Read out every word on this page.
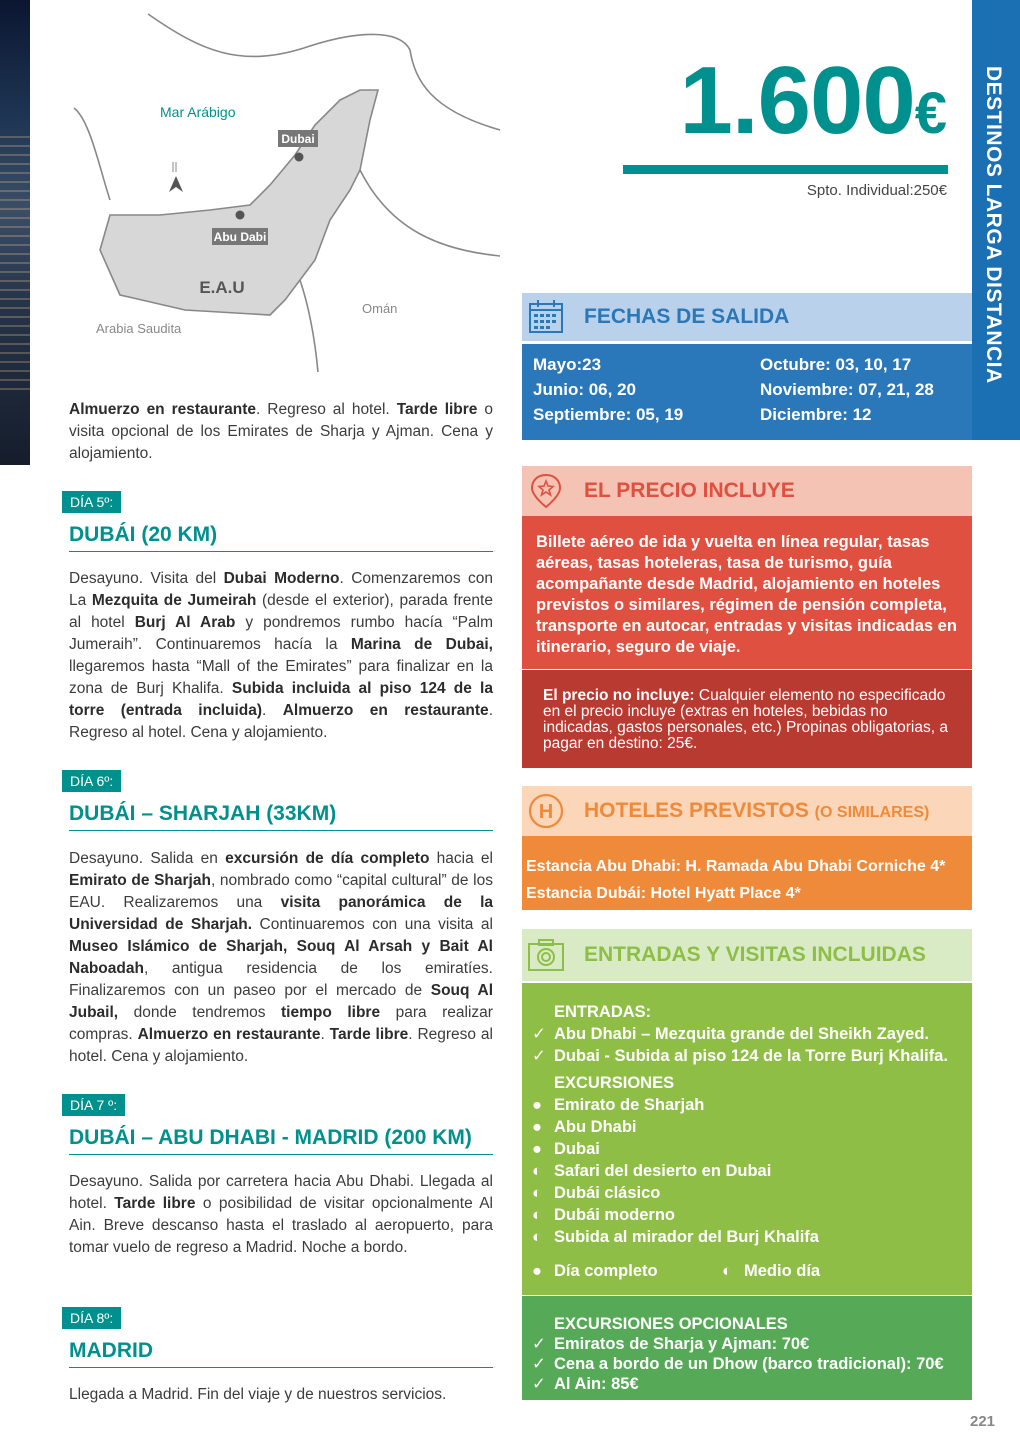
Mar Arábigo
Dubai
Abu Dabi
E.A.U
Omán
Arabia Saudita

Almuerzo en restaurante. Regreso al hotel. Tarde libre o visita opcional de los Emirates de Sharja y Ajman. Cena y alojamiento.

DÍA 5º:
DUBÁI (20 KM)

Desayuno. Visita del Dubai Moderno. Comenzaremos con La Mezquita de Jumeirah (desde el exterior), parada frente al hotel Burj Al Arab y pondremos rumbo hacía “Palm Jumeraih”. Continuaremos hacía la Marina de Dubai, llegaremos hasta “Mall of the Emirates” para finalizar en la zona de Burj Khalifa. Subida incluida al piso 124 de la torre (entrada incluida). Almuerzo en restaurante. Regreso al hotel. Cena y alojamiento.

DÍA 6º:
DUBÁI – SHARJAH (33KM)

Desayuno. Salida en excursión de día completo hacia el Emirato de Sharjah, nombrado como “capital cultural” de los EAU. Realizaremos una visita panorámica de la Universidad de Sharjah. Continuaremos con una visita al Museo Islámico de Sharjah, Souq Al Arsah y Bait Al Naboadah, antigua residencia de los emiratíes. Finalizaremos con un paseo por el mercado de Souq Al Jubail, donde tendremos tiempo libre para realizar compras. Almuerzo en restaurante. Tarde libre. Regreso al hotel. Cena y alojamiento.

DÍA 7 º:
DUBÁI – ABU DHABI - MADRID (200 KM)

Desayuno. Salida por carretera hacia Abu Dhabi. Llegada al hotel. Tarde libre o posibilidad de visitar opcionalmente Al Ain. Breve descanso hasta el traslado al aeropuerto, para tomar vuelo de regreso a Madrid. Noche a bordo.

DÍA 8º:
MADRID

Llegada a Madrid. Fin del viaje y de nuestros servicios.

1.600€
Spto. Individual:250€ DESTINOS LARGA DISTANCIA
221
FECHAS DE SALIDA
Mayo:23	Octubre: 03, 10, 17
Junio: 06, 20	Noviembre: 07, 21, 28
Septiembre: 05, 19	Diciembre: 12
EL PRECIO INCLUYE
Billete aéreo de ida y vuelta en línea regular, tasas aéreas, tasas hoteleras, tasa de turismo, guía acompañante desde Madrid, alojamiento en hoteles previstos o similares, régimen de pensión completa, transporte en autocar, entradas y visitas indicadas en itinerario, seguro de viaje.
El precio no incluye: Cualquier elemento no especificado en el precio incluye (extras en hoteles, bebidas no indicadas, gastos personales, etc.) Propinas obligatorias, a pagar en destino: 25€.
H HOTELES PREVISTOS (O SIMILARES)
Estancia Abu Dhabi: H. Ramada Abu Dhabi Corniche 4*
Estancia Dubái: Hotel Hyatt Place 4*
ENTRADAS Y VISITAS INCLUIDAS
ENTRADAS:
✓ Abu Dhabi – Mezquita grande del Sheikh Zayed.
✓ Dubai - Subida al piso 124 de la Torre Burj Khalifa.
EXCURSIONES
● Emirato de Sharjah
● Abu Dhabi
● Dubai
◐ Safari del desierto en Dubai
◐ Dubái clásico
◐ Dubái moderno
◐ Subida al mirador del Burj Khalifa
● Día completo	◐ Medio día
EXCURSIONES OPCIONALES
✓ Emiratos de Sharja y Ajman: 70€
✓ Cena a bordo de un Dhow (barco tradicional): 70€
✓ Al Ain: 85€
